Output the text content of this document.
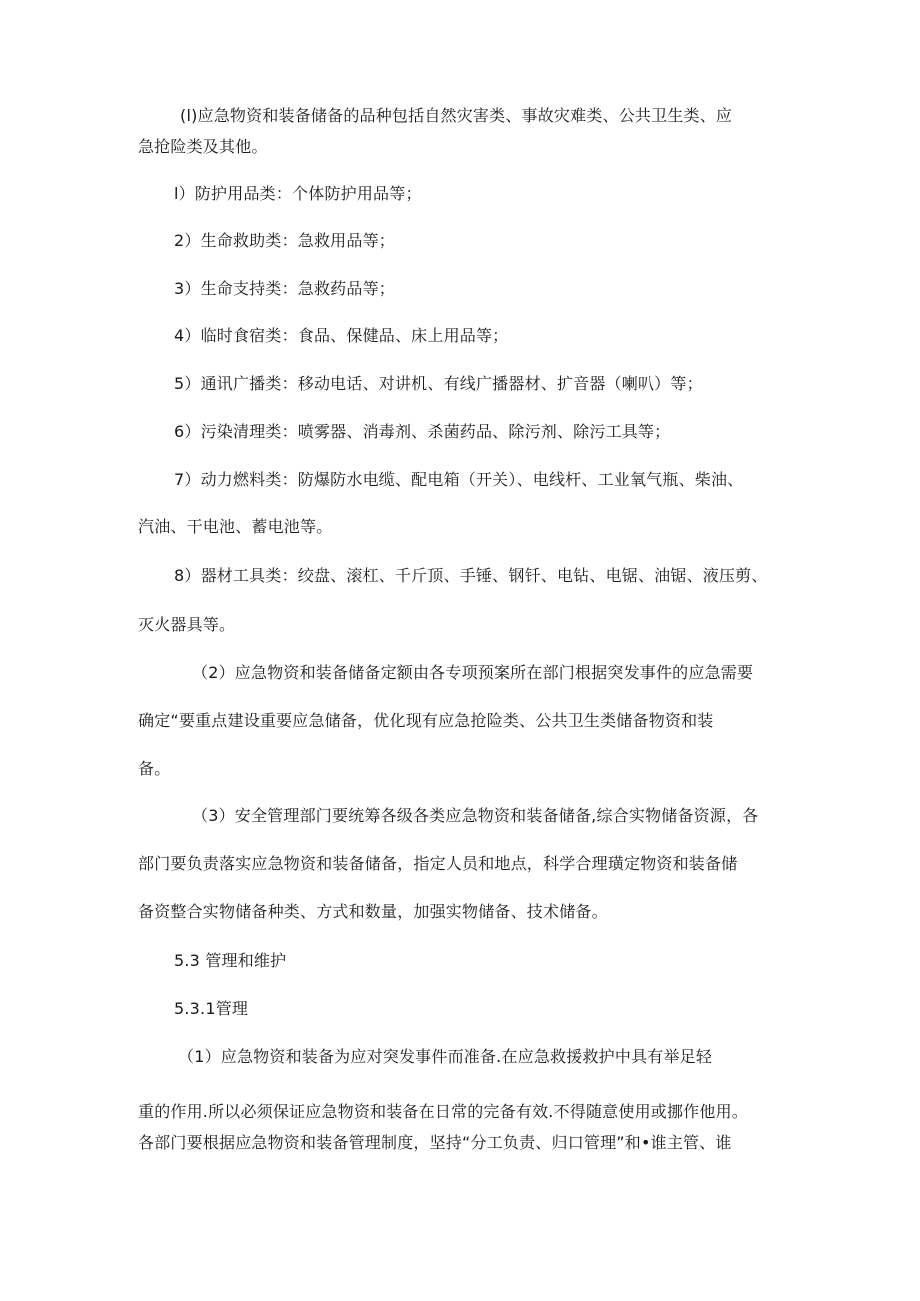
(l)应急物资和装备储备的品种包括自然灾害类、事故灾难类、公共卫生类、应

急抢险类及其他。

l）防护用品类：个体防护用品等；

2）生命救助类：急救用品等；

3）生命支持类：急救药品等；

4）临时食宿类：食品、保健品、床上用品等；

5）通讯广播类：移动电话、对讲机、有线广播器材、扩音器（喇叭）等；

6）污染清理类：喷雾器、消毒剂、杀菌药品、除污剂、除污工具等；

7）动力燃料类：防爆防水电缆、配电箱（开关）、电线杆、工业氧气瓶、柴油、

汽油、干电池、蓄电池等。

8）器材工具类：绞盘、滚杠、千斤顶、手锤、钢钎、电钻、电锯、油锯、液压剪、

灭火器具等。

（2）应急物资和装备储备定额由各专项预案所在部门根据突发事件的应急需要

确定“要重点建设重要应急储备，优化现有应急抢险类、公共卫生类储备物资和装

备。

（3）安全管理部门要统筹各级各类应急物资和装备储备,综合实物储备资源，各

部门要负责落实应急物资和装备储备，指定人员和地点，科学合理璜定物资和装备储

备资整合实物储备种类、方式和数量，加强实物储备、技术储备。

5.3 管理和维护

5.3.1管理

（1）应急物资和装备为应对突发事件而准备.在应急救援救护中具有举足轻

重的作用.所以必须保证应急物资和装备在日常的完备有效.不得随意使用或挪作他用。

各部门要根据应急物资和装备管理制度，坚持“分工负责、归口管理”和•谁主管、谁
